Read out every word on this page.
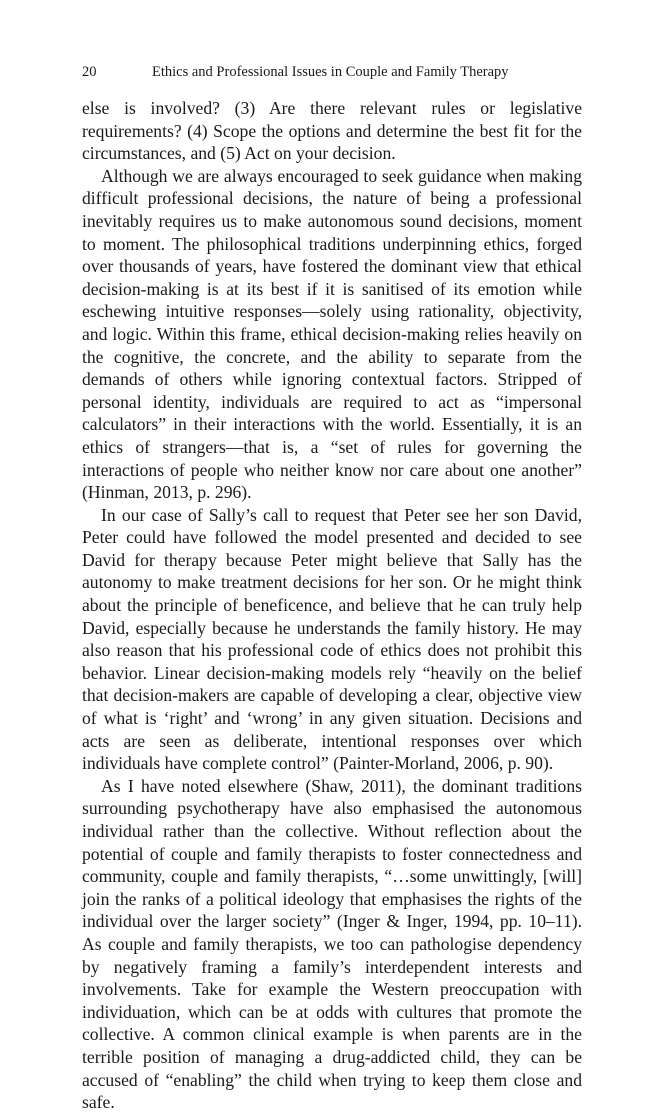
20	Ethics and Professional Issues in Couple and Family Therapy

else is involved? (3) Are there relevant rules or legislative requirements? (4) Scope the options and determine the best fit for the circumstances, and (5) Act on your decision.

Although we are always encouraged to seek guidance when making difficult professional decisions, the nature of being a professional inevitably requires us to make autonomous sound decisions, moment to moment. The philosophical traditions underpinning ethics, forged over thousands of years, have fostered the dominant view that ethical decision-making is at its best if it is sanitised of its emotion while eschewing intuitive responses—solely using rationality, objectivity, and logic. Within this frame, ethical decision-making relies heavily on the cognitive, the concrete, and the ability to separate from the demands of others while ignoring contextual factors. Stripped of personal identity, individuals are required to act as “impersonal calculators” in their interactions with the world. Essentially, it is an ethics of strangers—that is, a “set of rules for governing the interactions of people who neither know nor care about one another” (Hinman, 2013, p. 296).

In our case of Sally’s call to request that Peter see her son David, Peter could have followed the model presented and decided to see David for therapy because Peter might believe that Sally has the autonomy to make treatment decisions for her son. Or he might think about the principle of beneficence, and believe that he can truly help David, especially because he understands the family history. He may also reason that his professional code of ethics does not prohibit this behavior. Linear decision-making models rely “heavily on the belief that decision-makers are capable of developing a clear, objective view of what is ‘right’ and ‘wrong’ in any given situation. Decisions and acts are seen as deliberate, intentional responses over which individuals have complete control” (Painter-Morland, 2006, p. 90).

As I have noted elsewhere (Shaw, 2011), the dominant traditions surrounding psychotherapy have also emphasised the autonomous individual rather than the collective. Without reflection about the potential of couple and family therapists to foster connectedness and community, couple and family therapists, “…some unwittingly, [will] join the ranks of a political ideology that emphasises the rights of the individual over the larger society” (Inger & Inger, 1994, pp. 10–11). As couple and family therapists, we too can pathologise dependency by negatively framing a family’s interdependent interests and involvements. Take for example the Western preoccupation with individuation, which can be at odds with cultures that promote the collective. A common clinical example is when parents are in the terrible position of managing a drug-addicted child, they can be accused of “enabling” the child when trying to keep them close and safe.
